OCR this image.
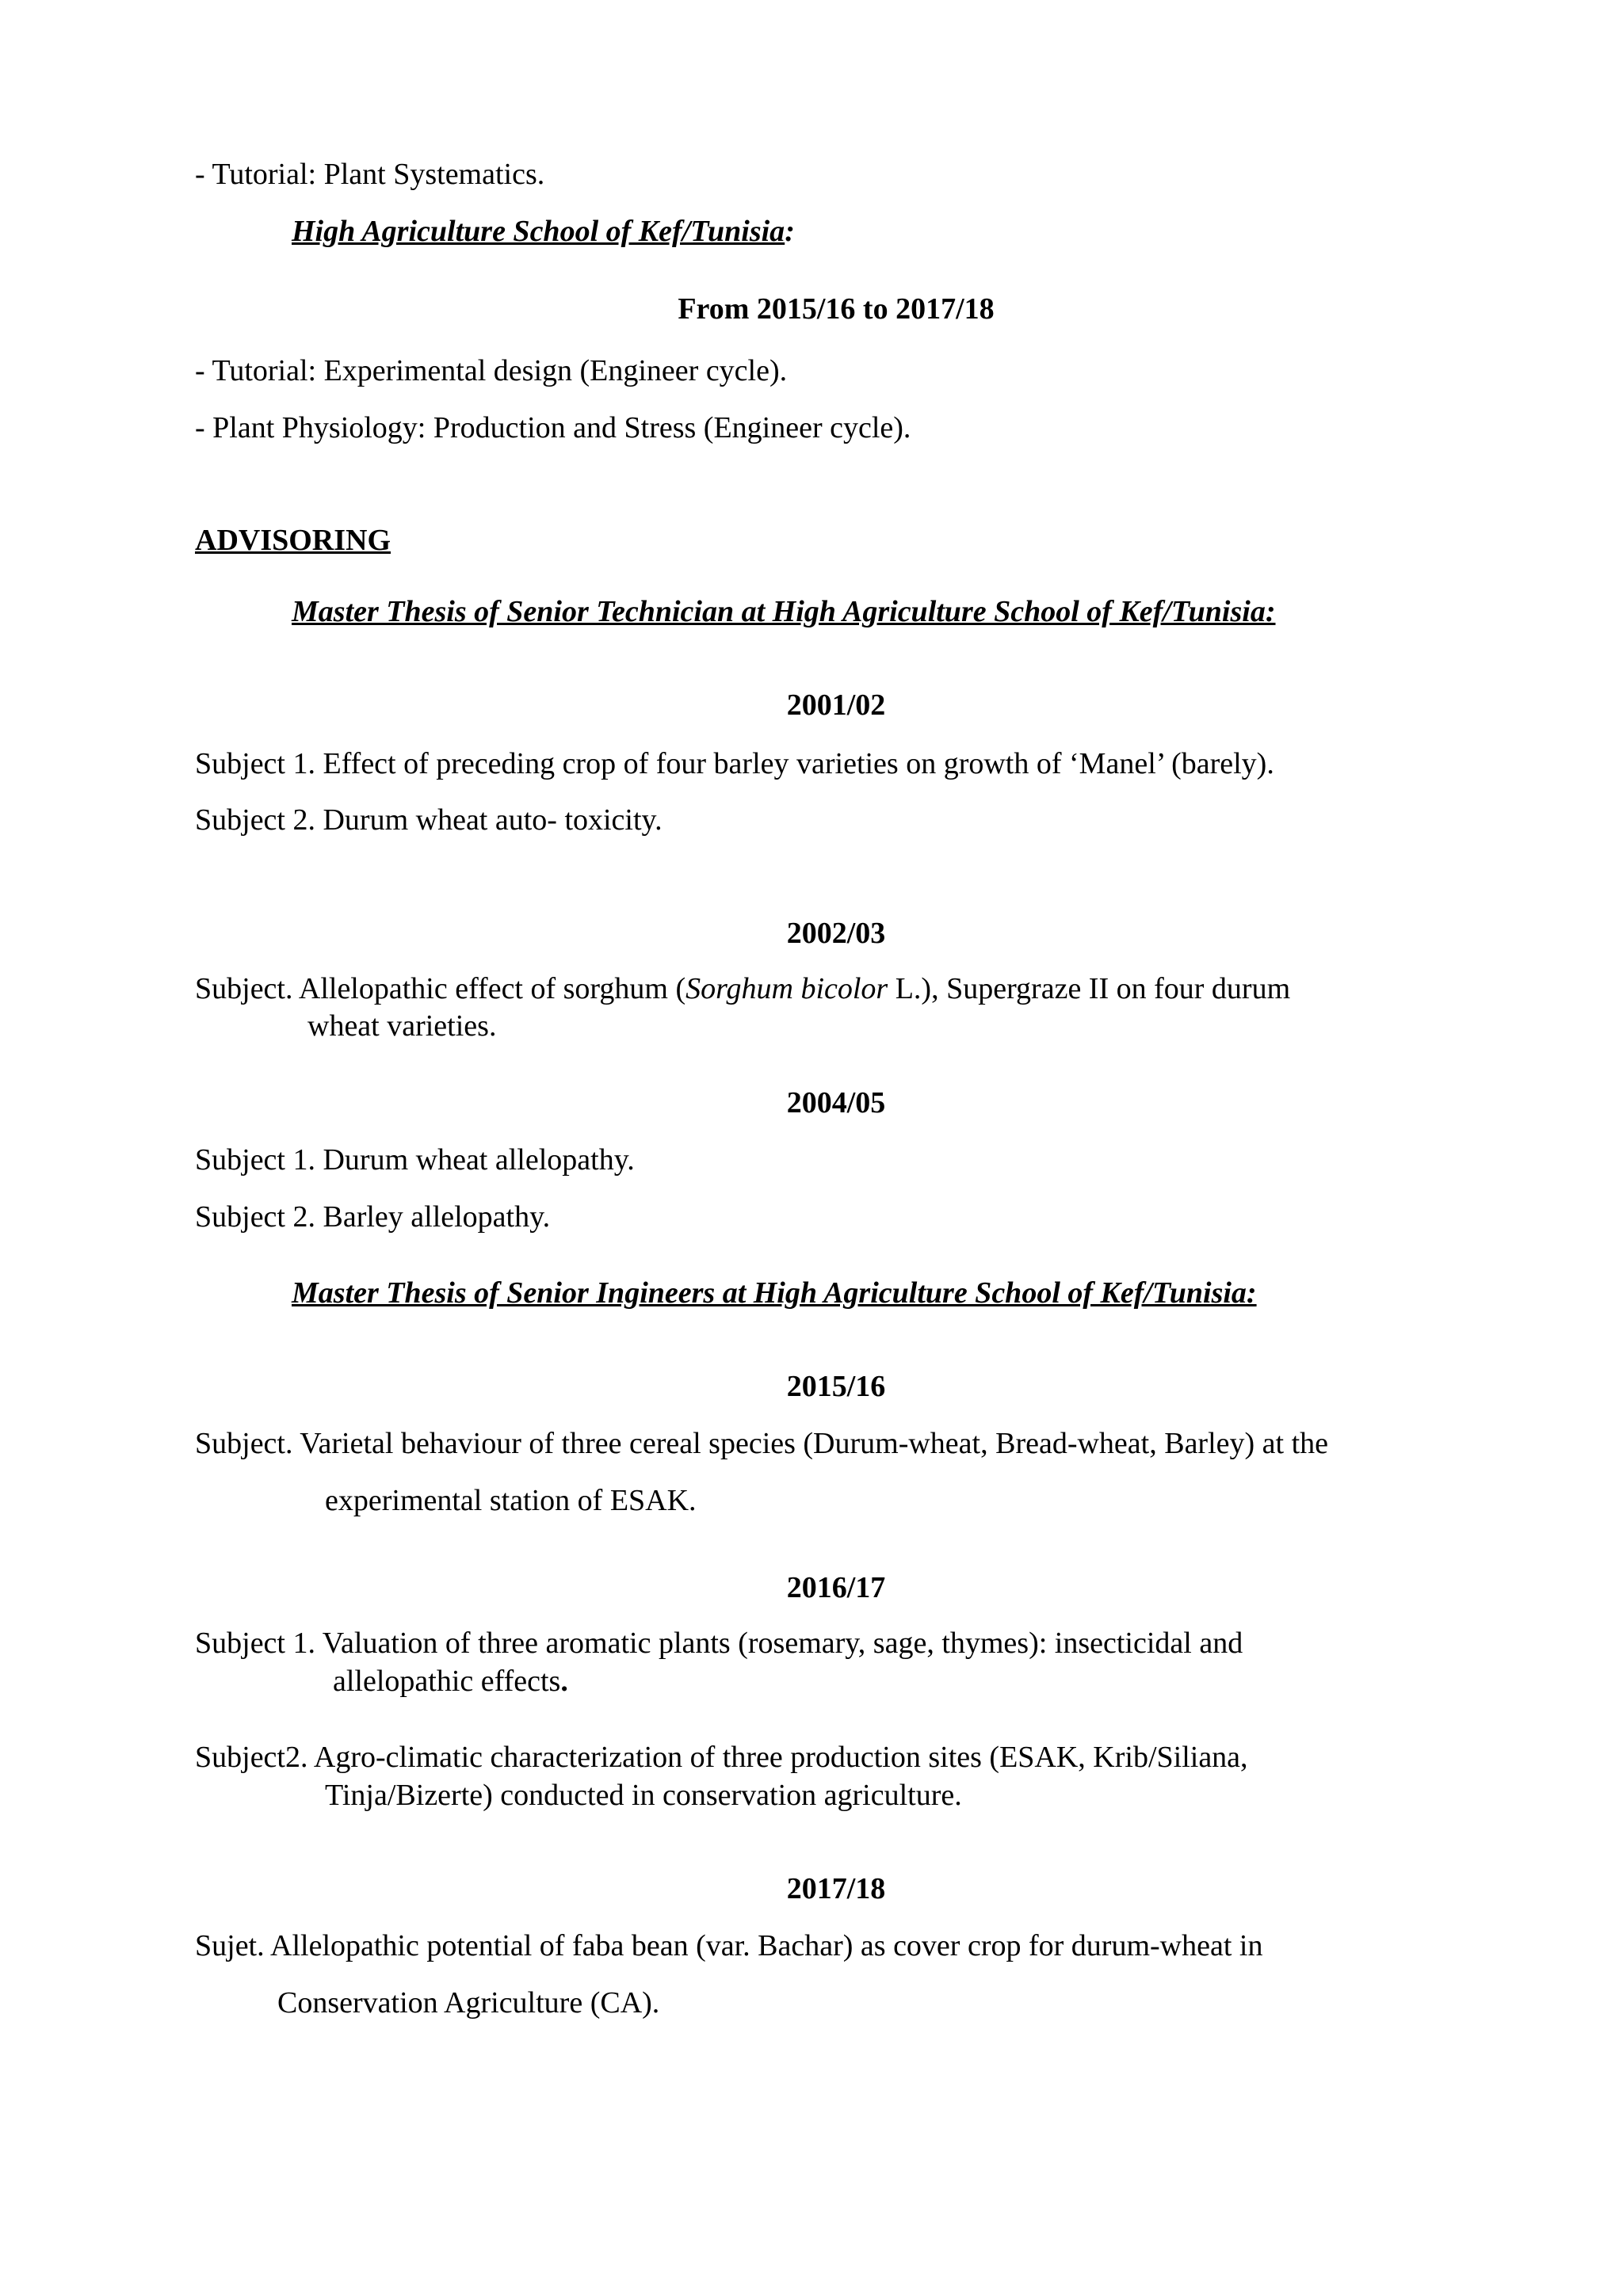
- Tutorial: Plant Systematics.

High Agriculture School of Kef/Tunisia:

From 2015/16 to 2017/18

- Tutorial: Experimental design (Engineer cycle).

- Plant Physiology: Production and Stress (Engineer cycle).

ADVISORING

Master Thesis of Senior Technician at High Agriculture School of Kef/Tunisia:

2001/02

Subject 1. Effect of preceding crop of four barley varieties on growth of ‘Manel’ (barely).

Subject 2. Durum wheat auto- toxicity.

2002/03

Subject. Allelopathic effect of sorghum (Sorghum bicolor L.), Supergraze II on four durum

wheat varieties.

2004/05

Subject 1. Durum wheat allelopathy.

Subject 2. Barley allelopathy.

Master Thesis of Senior Ingineers at High Agriculture School of Kef/Tunisia:

2015/16

Subject. Varietal behaviour of three cereal species (Durum-wheat, Bread-wheat, Barley) at the

experimental station of ESAK.

2016/17

Subject 1. Valuation of three aromatic plants (rosemary, sage, thymes): insecticidal and

allelopathic effects.

Subject2. Agro-climatic characterization of three production sites (ESAK, Krib/Siliana,

Tinja/Bizerte) conducted in conservation agriculture.

2017/18

Sujet. Allelopathic potential of faba bean (var. Bachar) as cover crop for durum-wheat in

Conservation Agriculture (CA).
